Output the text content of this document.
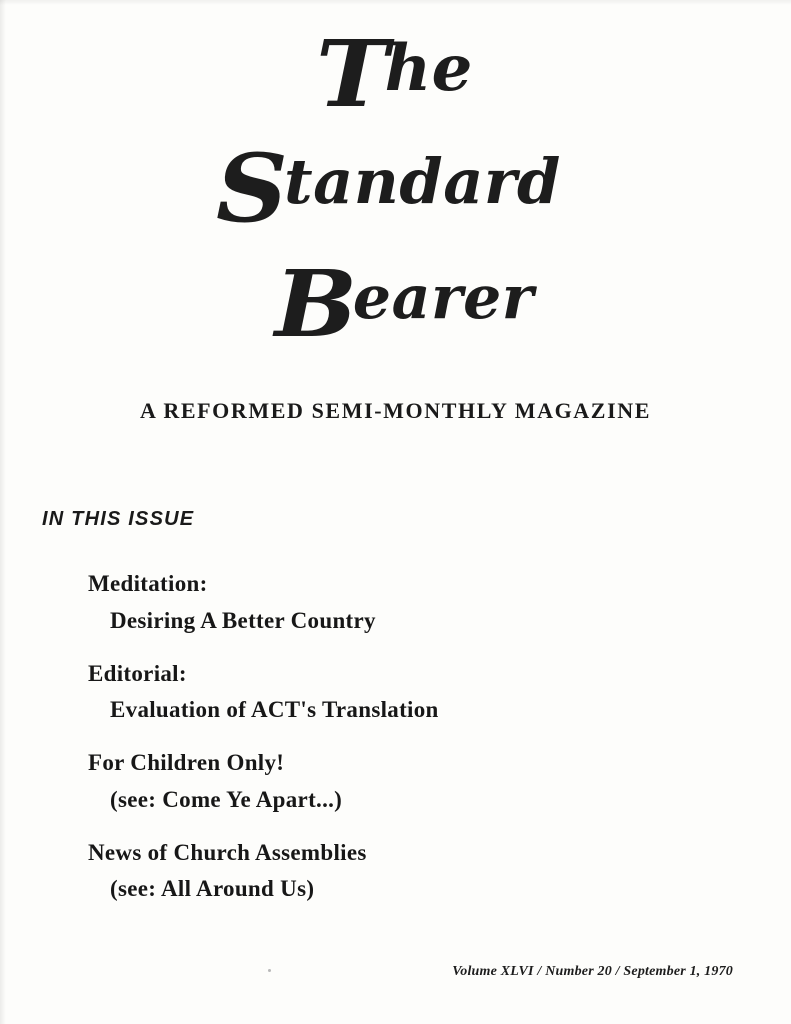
The
Standard
Bearer
A REFORMED SEMI-MONTHLY MAGAZINE
IN THIS ISSUE
Meditation:
Desiring A Better Country
Editorial:
Evaluation of ACT's Translation
For Children Only!
(see: Come Ye Apart...)
News of Church Assemblies
(see: All Around Us)
Volume XLVI / Number 20 / September 1, 1970
